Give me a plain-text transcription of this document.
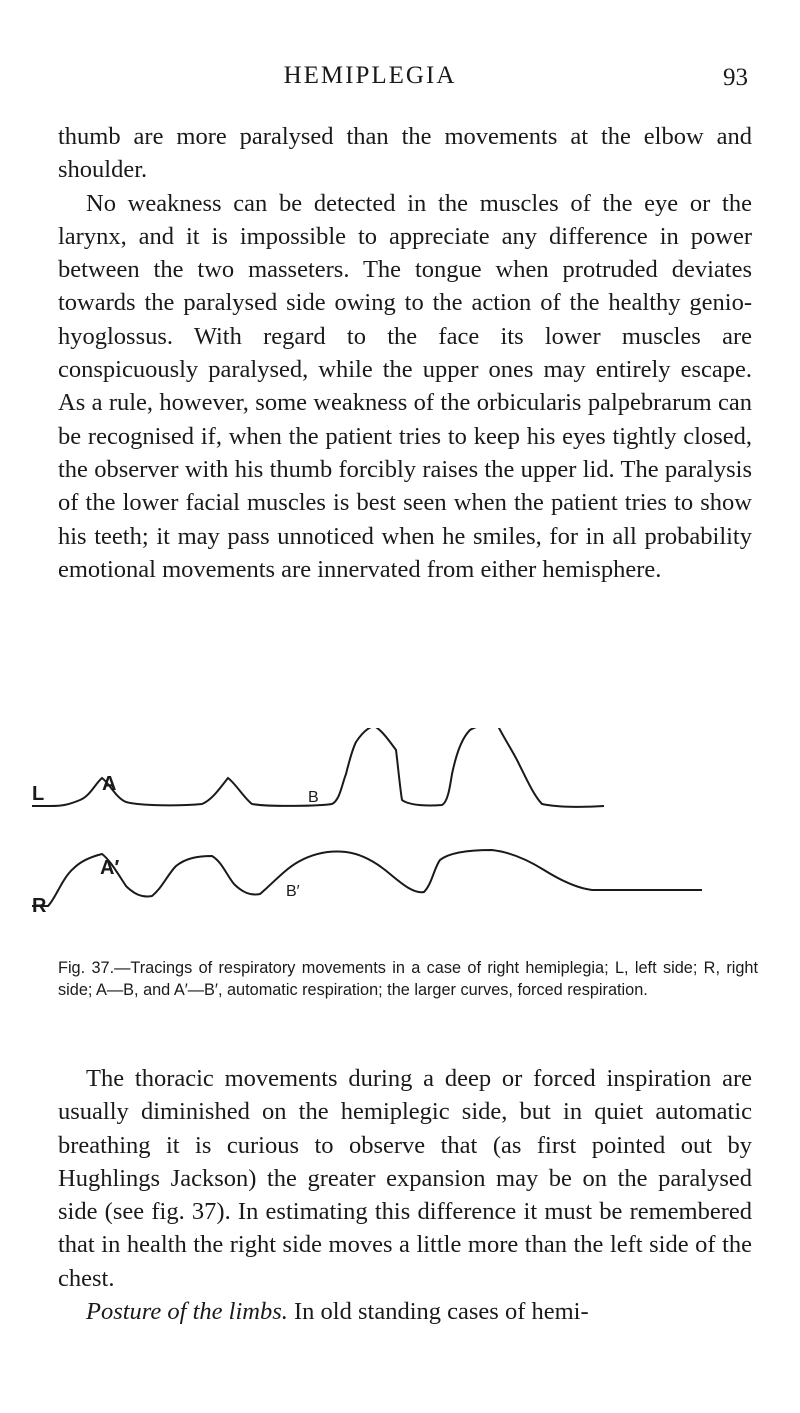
HEMIPLEGIA	93

thumb are more paralysed than the movements at the elbow and shoulder.

No weakness can be detected in the muscles of the eye or the larynx, and it is impossible to appreciate any difference in power between the two masseters. The tongue when protruded deviates towards the paralysed side owing to the action of the healthy genio-hyoglossus. With regard to the face its lower muscles are conspicuously paralysed, while the upper ones may entirely escape. As a rule, however, some weakness of the orbicularis palpebrarum can be recognised if, when the patient tries to keep his eyes tightly closed, the observer with his thumb forcibly raises the upper lid. The paralysis of the lower facial muscles is best seen when the patient tries to show his teeth; it may pass unnoticed when he smiles, for in all probability emotional movements are innervated from either hemisphere.

L
R
A
B
A′
B′

Fig. 37.—Tracings of respiratory movements in a case of right hemiplegia; L, left side; R, right side; A—B, and A′—B′, automatic respiration; the larger curves, forced respiration.

The thoracic movements during a deep or forced inspiration are usually diminished on the hemiplegic side, but in quiet automatic breathing it is curious to observe that (as first pointed out by Hughlings Jackson) the greater expansion may be on the paralysed side (see fig. 37). In estimating this difference it must be remembered that in health the right side moves a little more than the left side of the chest.

Posture of the limbs. In old standing cases of hemi-
